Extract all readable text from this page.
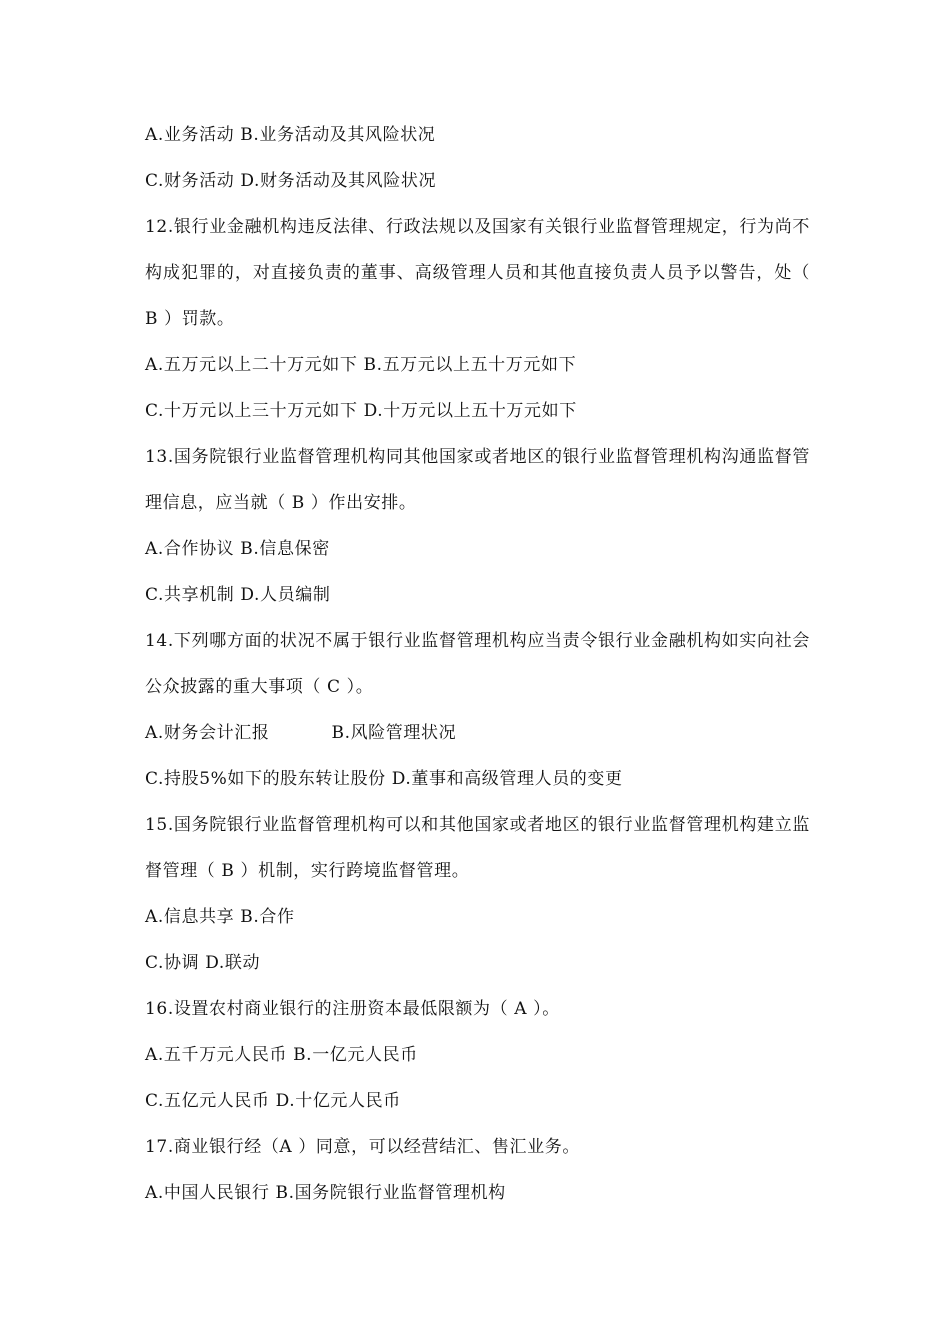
A.业务活动 B.业务活动及其风险状况
C.财务活动 D.财务活动及其风险状况
12.银行业金融机构违反法律、行政法规以及国家有关银行业监督管理规定，行为尚不构成犯罪的，对直接负责的董事、高级管理人员和其他直接负责人员予以警告，处（ B ）罚款。
A.五万元以上二十万元如下 B.五万元以上五十万元如下
C.十万元以上三十万元如下 D.十万元以上五十万元如下
13.国务院银行业监督管理机构同其他国家或者地区的银行业监督管理机构沟通监督管理信息，应当就（ B ）作出安排。
A.合作协议 B.信息保密
C.共享机制 D.人员编制
14.下列哪方面的状况不属于银行业监督管理机构应当责令银行业金融机构如实向社会公众披露的重大事项（ C ）。
A.财务会计汇报	B.风险管理状况
C.持股5%如下的股东转让股份 D.董事和高级管理人员的变更
15.国务院银行业监督管理机构可以和其他国家或者地区的银行业监督管理机构建立监督管理（ B ）机制，实行跨境监督管理。
A.信息共享 B.合作
C.协调 D.联动
16.设置农村商业银行的注册资本最低限额为（ A ）。
A.五千万元人民币 B.一亿元人民币
C.五亿元人民币 D.十亿元人民币
17.商业银行经（A ）同意，可以经营结汇、售汇业务。
A.中国人民银行 B.国务院银行业监督管理机构
